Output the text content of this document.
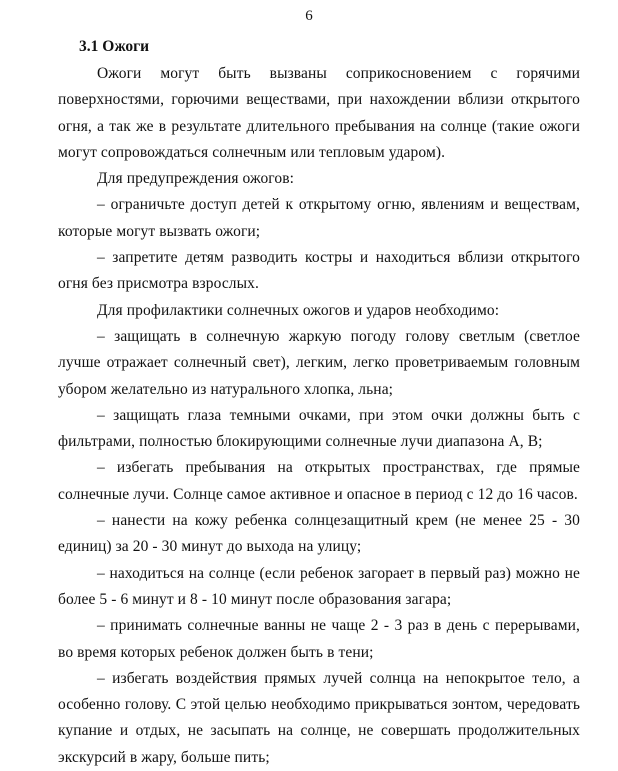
6
3.1 Ожоги

Ожоги могут быть вызваны соприкосновением с горячими поверхностями, горючими веществами, при нахождении вблизи открытого огня, а так же в результате длительного пребывания на солнце (такие ожоги могут сопровождаться солнечным или тепловым ударом).

Для предупреждения ожогов:

– ограничьте доступ детей к открытому огню, явлениям и веществам, которые могут вызвать ожоги;

– запретите детям разводить костры и находиться вблизи открытого огня без присмотра взрослых.

Для профилактики солнечных ожогов и ударов необходимо:

– защищать в солнечную жаркую погоду голову светлым (светлое лучше отражает солнечный свет), легким, легко проветриваемым головным убором желательно из натурального хлопка, льна;

– защищать глаза темными очками, при этом очки должны быть с фильтрами, полностью блокирующими солнечные лучи диапазона А, В;

– избегать пребывания на открытых пространствах, где прямые солнечные лучи. Солнце самое активное и опасное в период с 12 до 16 часов.

– нанести на кожу ребенка солнцезащитный крем (не менее 25 - 30 единиц) за 20 - 30 минут до выхода на улицу;

– находиться на солнце (если ребенок загорает в первый раз) можно не более 5 - 6 минут и 8 - 10 минут после образования загара;

– принимать солнечные ванны не чаще 2 - 3 раз в день с перерывами, во время которых ребенок должен быть в тени;

– избегать воздействия прямых лучей солнца на непокрытое тело, а особенно голову. С этой целью необходимо прикрываться зонтом, чередовать купание и отдых, не засыпать на солнце, не совершать продолжительных экскурсий в жару, больше пить;
